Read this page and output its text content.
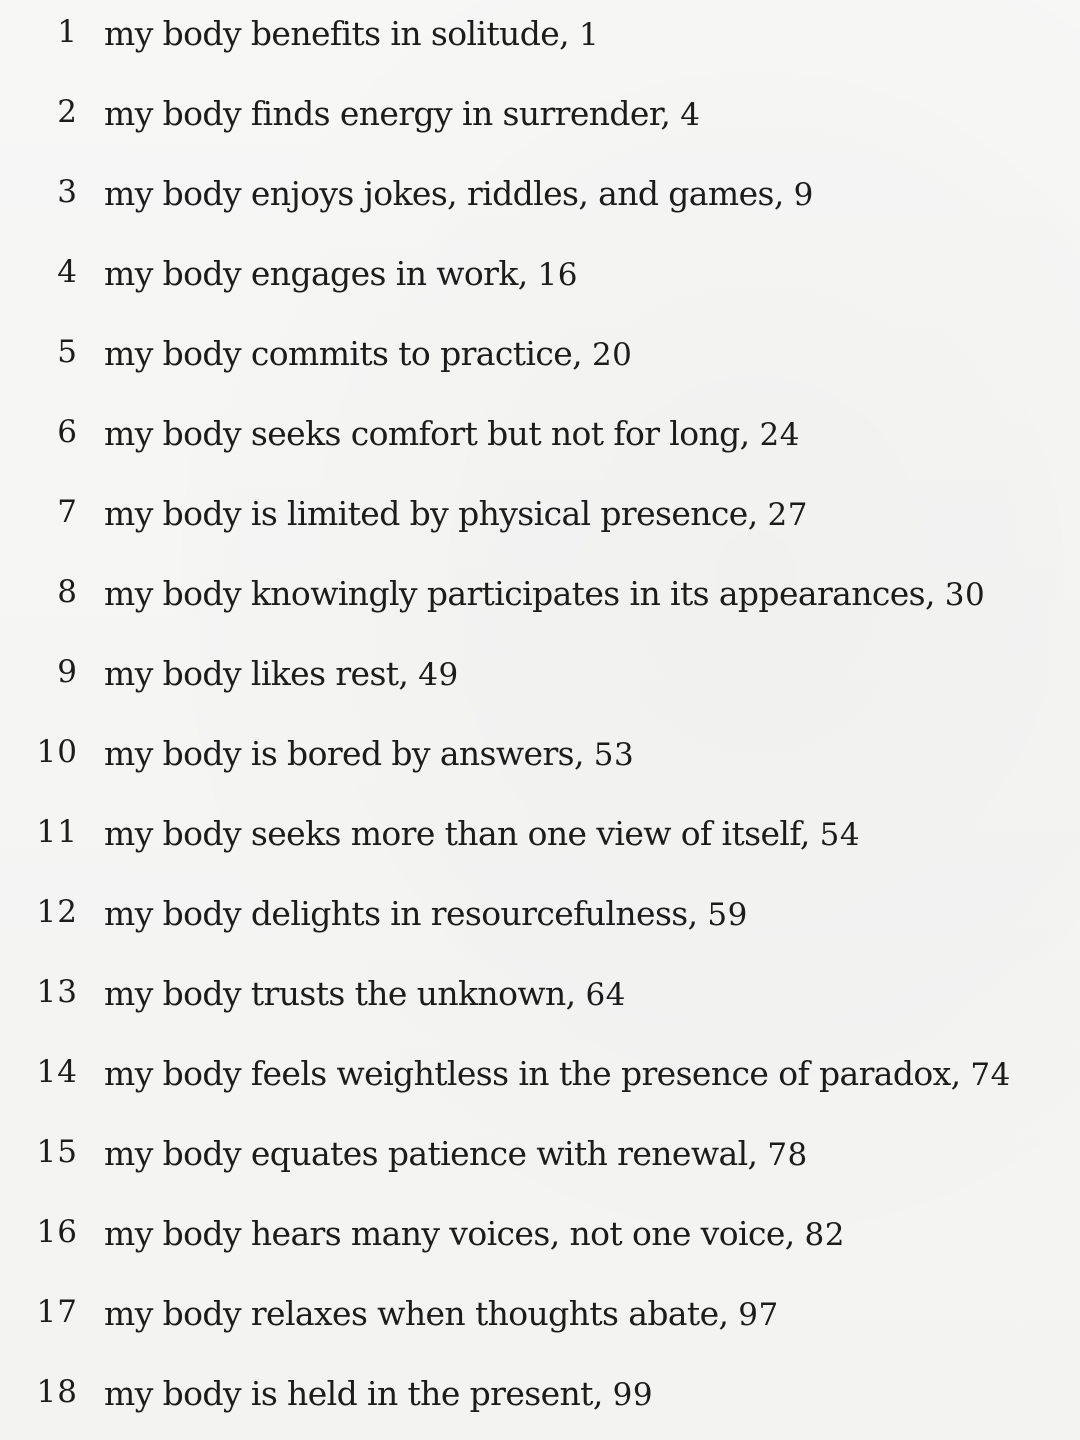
1 my body benefits in solitude, 1
2 my body finds energy in surrender, 4
3 my body enjoys jokes, riddles, and games, 9
4 my body engages in work, 16
5 my body commits to practice, 20
6 my body seeks comfort but not for long, 24
7 my body is limited by physical presence, 27
8 my body knowingly participates in its appearances, 30
9 my body likes rest, 49
10 my body is bored by answers, 53
11 my body seeks more than one view of itself, 54
12 my body delights in resourcefulness, 59
13 my body trusts the unknown, 64
14 my body feels weightless in the presence of paradox, 74
15 my body equates patience with renewal, 78
16 my body hears many voices, not one voice, 82
17 my body relaxes when thoughts abate, 97
18 my body is held in the present, 99
